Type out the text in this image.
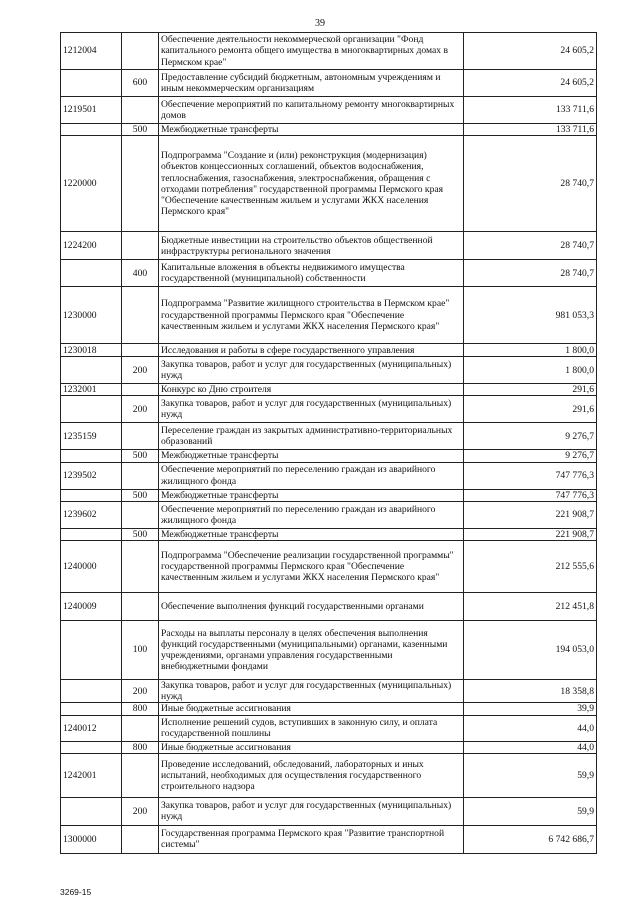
39
1212004		Обеспечение деятельности некоммерческой организации "Фонд капитального ремонта общего имущества в многоквартирных домах в Пермском крае"	24 605,2
	600	Предоставление субсидий бюджетным, автономным учреждениям и иным некоммерческим организациям	24 605,2
1219501		Обеспечение мероприятий по капитальному ремонту многоквартирных домов	133 711,6
	500	Межбюджетные трансферты	133 711,6
1220000		Подпрограмма "Создание и (или) реконструкция (модернизация) объектов концессионных соглашений, объектов водоснабжения, теплоснабжения, газоснабжения, электроснабжения, обращения с отходами потребления" государственной программы Пермского края "Обеспечение качественным жильем и услугами ЖКХ населения Пермского края"	28 740,7
1224200		Бюджетные инвестиции на строительство объектов общественной инфраструктуры регионального значения	28 740,7
	400	Капитальные вложения в объекты недвижимого имущества государственной (муниципальной) собственности	28 740,7
1230000		Подпрограмма "Развитие жилищного строительства в Пермском крае" государственной программы Пермского края "Обеспечение качественным жильем и услугами ЖКХ населения Пермского края"	981 053,3
1230018		Исследования и работы в сфере государственного управления	1 800,0
	200	Закупка товаров, работ и услуг для государственных (муниципальных) нужд	1 800,0
1232001		Конкурс ко Дню строителя	291,6
	200	Закупка товаров, работ и услуг для государственных (муниципальных) нужд	291,6
1235159		Переселение граждан из закрытых административно-территориальных образований	9 276,7
	500	Межбюджетные трансферты	9 276,7
1239502		Обеспечение мероприятий по переселению граждан из аварийного жилищного фонда	747 776,3
	500	Межбюджетные трансферты	747 776,3
1239602		Обеспечение мероприятий по переселению граждан из аварийного жилищного фонда	221 908,7
	500	Межбюджетные трансферты	221 908,7
1240000		Подпрограмма "Обеспечение реализации государственной программы" государственной программы Пермского края "Обеспечение качественным жильем и услугами ЖКХ населения Пермского края"	212 555,6
1240009		Обеспечение выполнения функций государственными органами	212 451,8
	100	Расходы на выплаты персоналу в целях обеспечения выполнения функций государственными (муниципальными) органами, казенными учреждениями, органами управления государственными внебюджетными фондами	194 053,0
	200	Закупка товаров, работ и услуг для государственных (муниципальных) нужд	18 358,8
	800	Иные бюджетные ассигнования	39,9
1240012		Исполнение решений судов, вступивших в законную силу, и оплата государственной пошлины	44,0
	800	Иные бюджетные ассигнования	44,0
1242001		Проведение исследований, обследований, лабораторных и иных испытаний, необходимых для осуществления государственного строительного надзора	59,9
	200	Закупка товаров, работ и услуг для государственных (муниципальных) нужд	59,9
1300000		Государственная программа Пермского края "Развитие транспортной системы"	6 742 686,7
3269-15
